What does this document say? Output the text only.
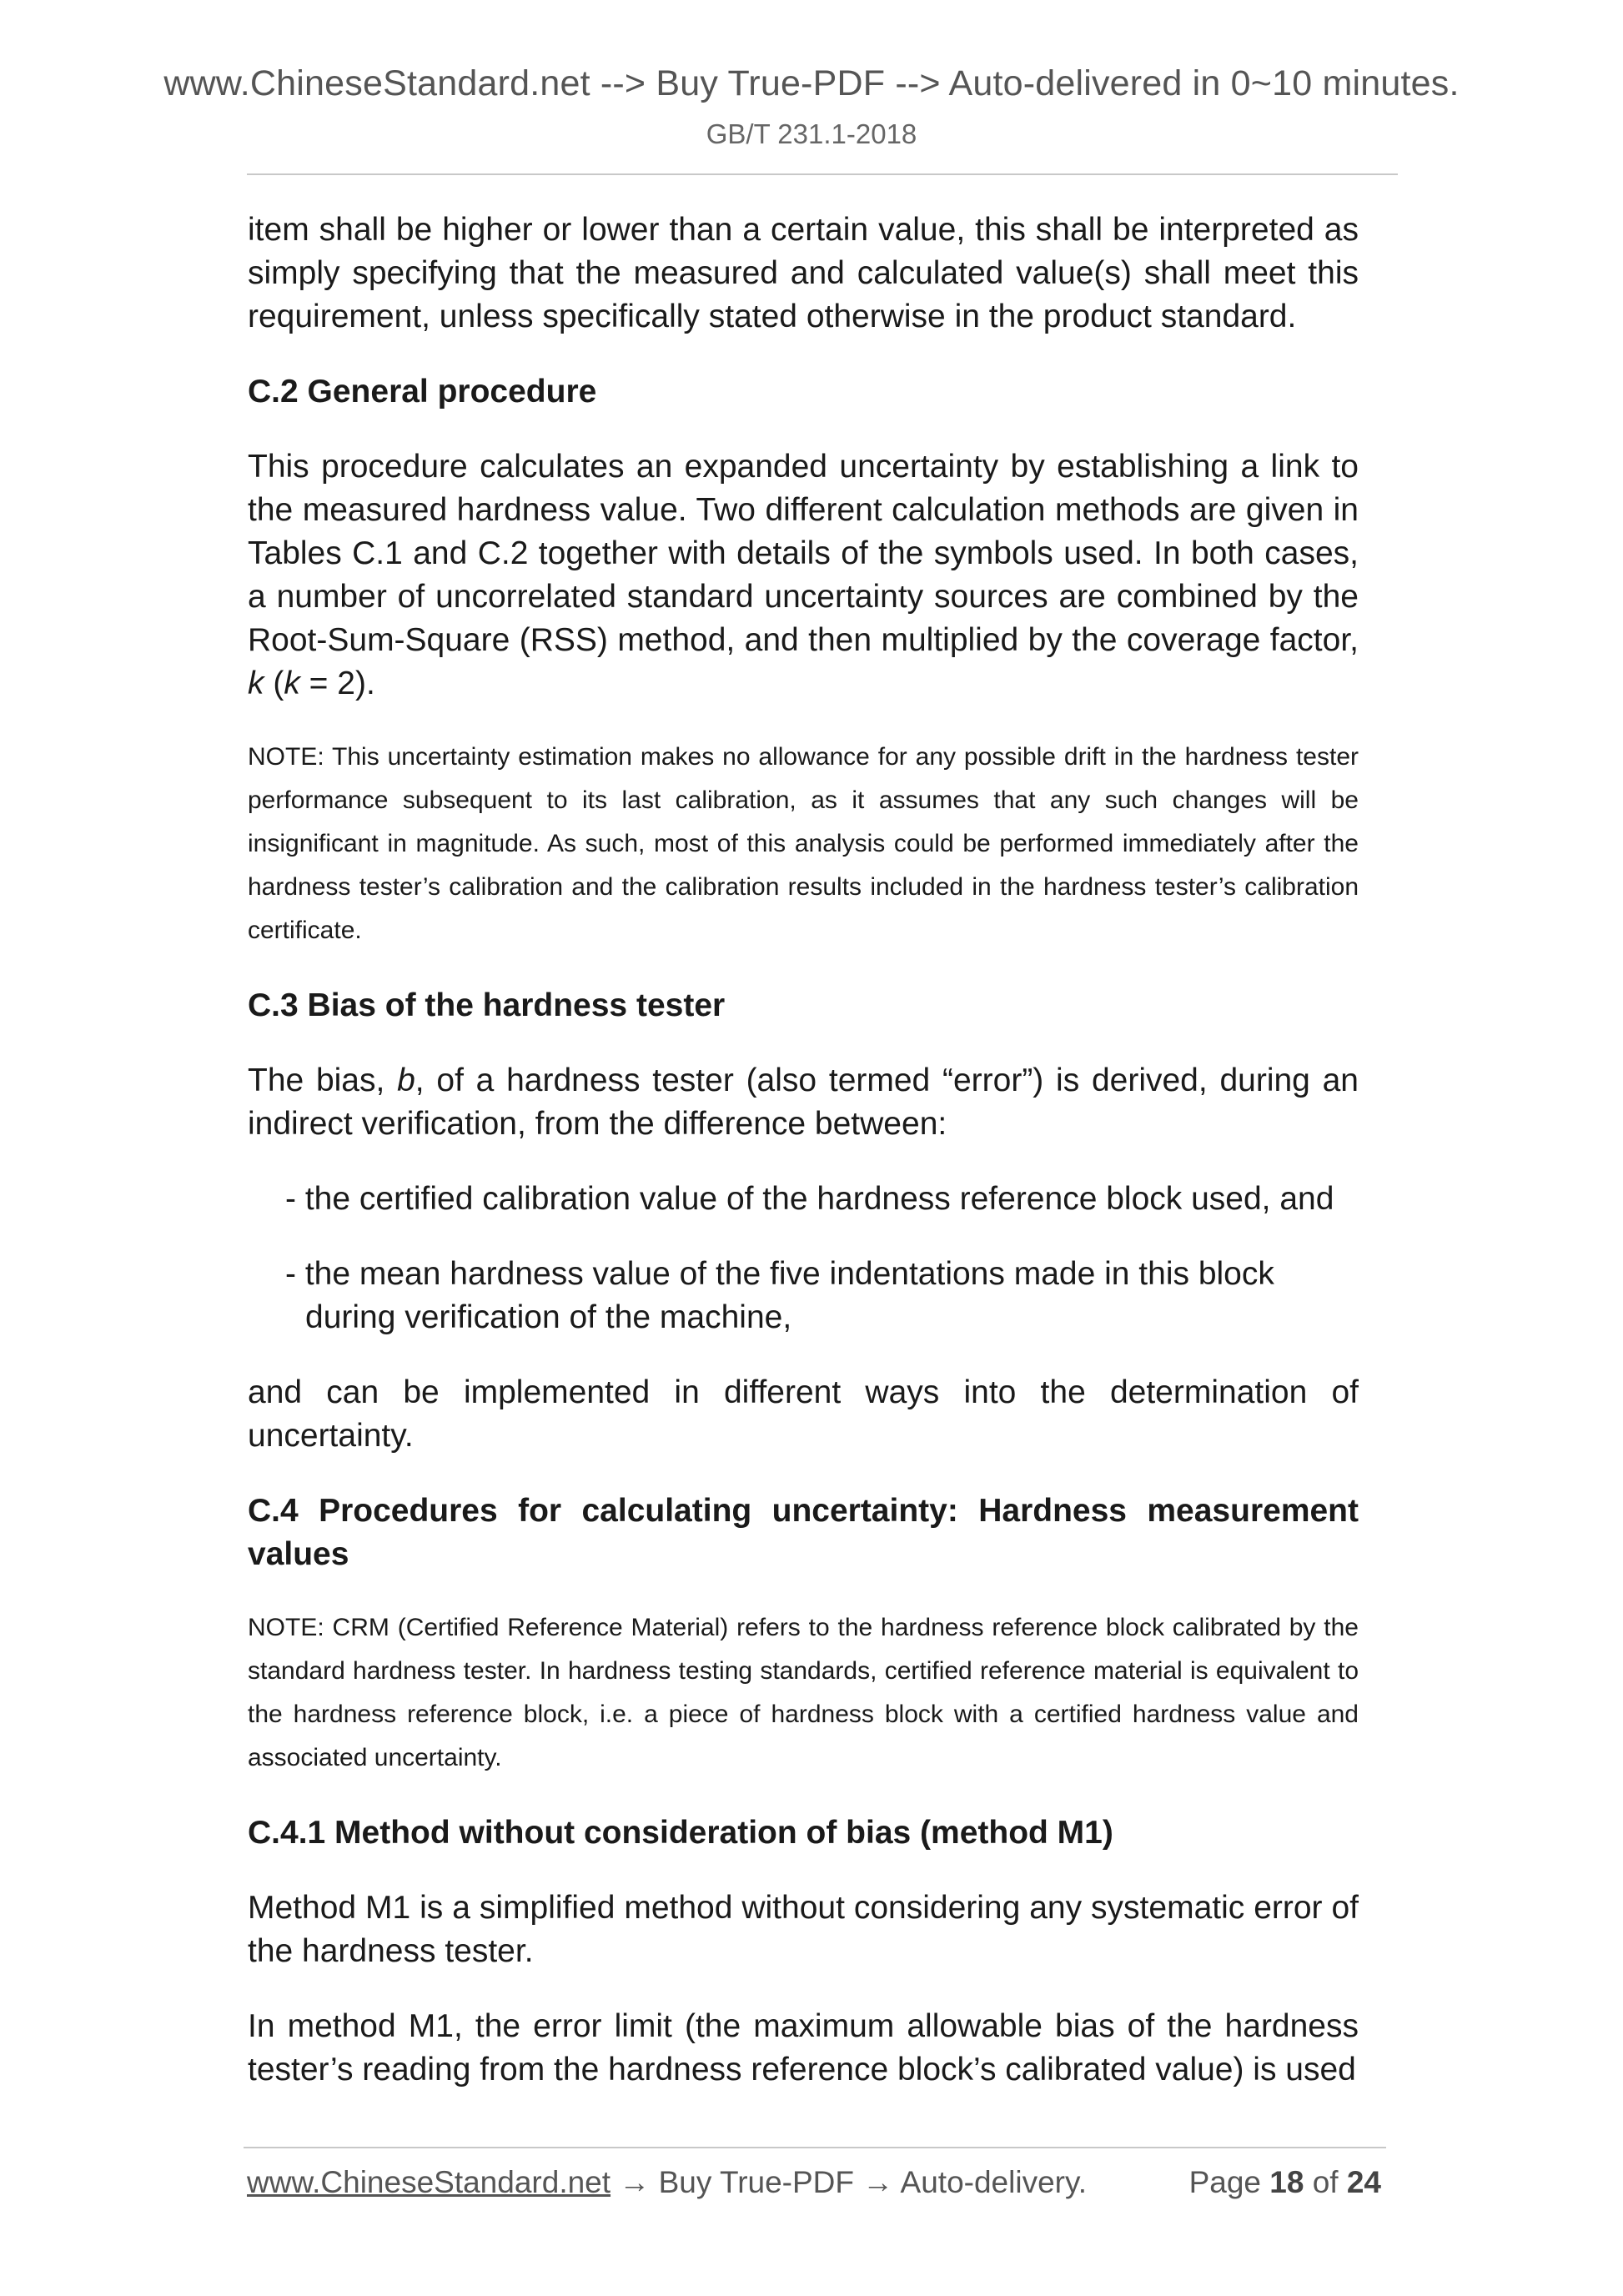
www.ChineseStandard.net --> Buy True-PDF --> Auto-delivered in 0~10 minutes.
GB/T 231.1-2018

item shall be higher or lower than a certain value, this shall be interpreted as simply specifying that the measured and calculated value(s) shall meet this requirement, unless specifically stated otherwise in the product standard.

C.2 General procedure

This procedure calculates an expanded uncertainty by establishing a link to the measured hardness value. Two different calculation methods are given in Tables C.1 and C.2 together with details of the symbols used. In both cases, a number of uncorrelated standard uncertainty sources are combined by the Root-Sum-Square (RSS) method, and then multiplied by the coverage factor, k (k = 2).

NOTE: This uncertainty estimation makes no allowance for any possible drift in the hardness tester performance subsequent to its last calibration, as it assumes that any such changes will be insignificant in magnitude. As such, most of this analysis could be performed immediately after the hardness tester’s calibration and the calibration results included in the hardness tester’s calibration certificate.

C.3 Bias of the hardness tester

The bias, b, of a hardness tester (also termed “error”) is derived, during an indirect verification, from the difference between:

- the certified calibration value of the hardness reference block used, and

- the mean hardness value of the five indentations made in this block
during verification of the machine,

and can be implemented in different ways into the determination of uncertainty.

C.4 Procedures for calculating uncertainty: Hardness measurement values

NOTE: CRM (Certified Reference Material) refers to the hardness reference block calibrated by the standard hardness tester. In hardness testing standards, certified reference material is equivalent to the hardness reference block, i.e. a piece of hardness block with a certified hardness value and associated uncertainty.

C.4.1 Method without consideration of bias (method M1)

Method M1 is a simplified method without considering any systematic error of the hardness tester.

In method M1, the error limit (the maximum allowable bias of the hardness tester’s reading from the hardness reference block’s calibrated value) is used

www.ChineseStandard.net → Buy True-PDF → Auto-delivery.	Page 18 of 24
